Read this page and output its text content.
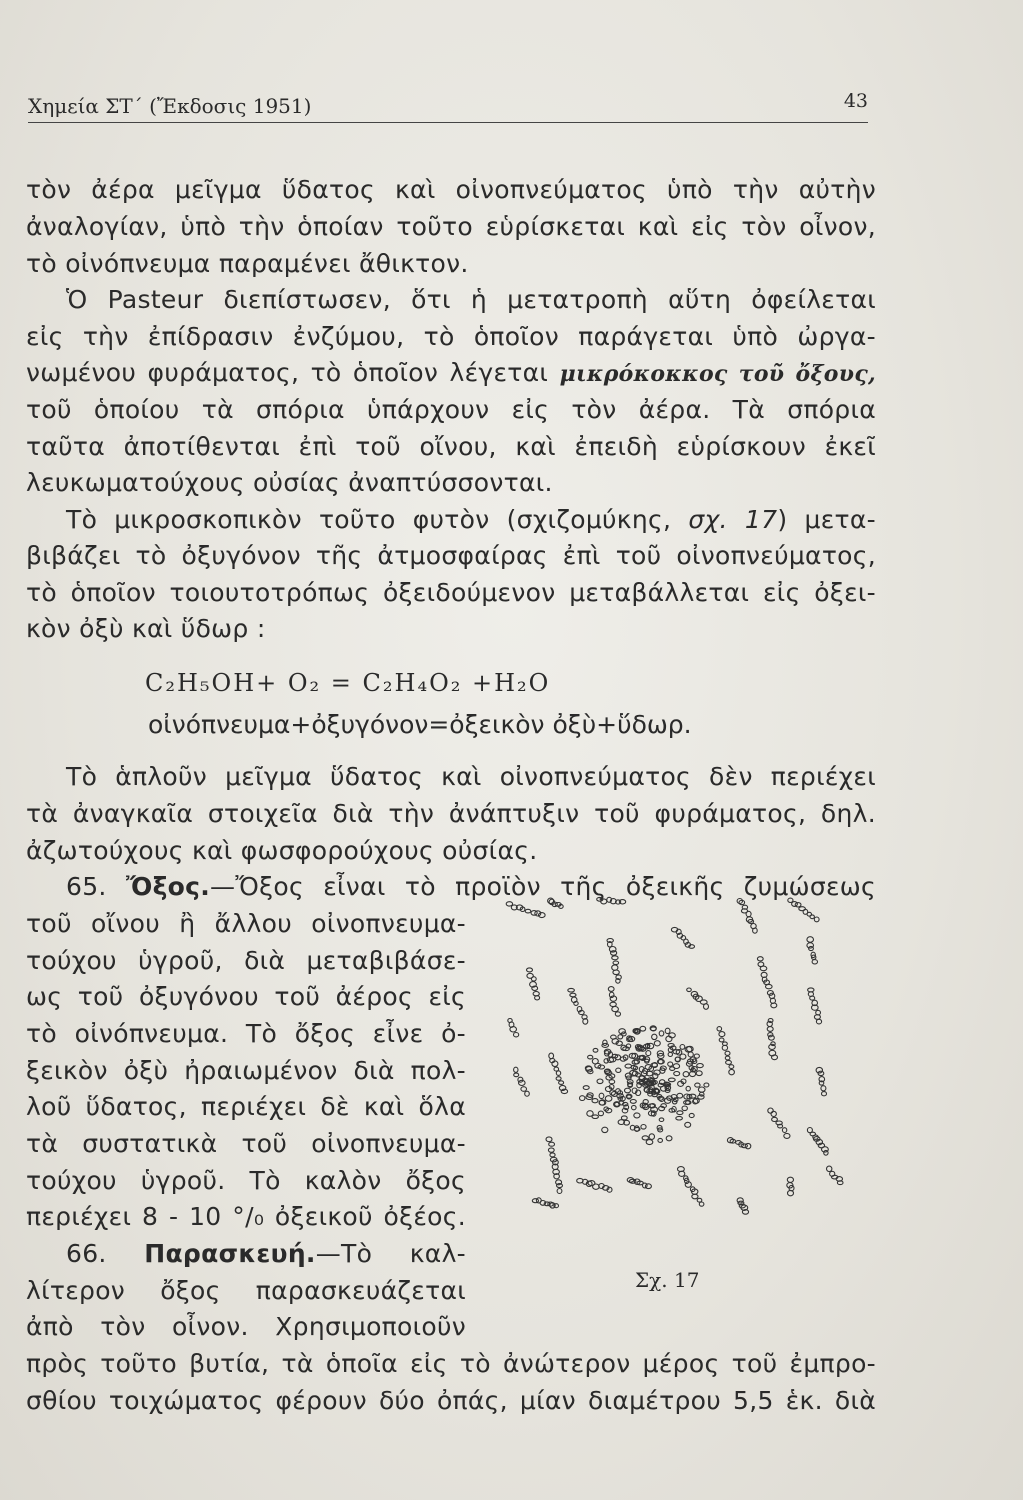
Χημεία ΣΤ΄ (Ἔκδοσις 1951)	43
τὸν ἀέρα μεῖγμα ὕδατος καὶ οἰνοπνεύματος ὑπὸ τὴν αὐτὴν
ἀναλογίαν, ὑπὸ τὴν ὁποίαν τοῦτο εὑρίσκεται καὶ εἰς τὸν οἶνον,
τὸ οἰνόπνευμα παραμένει ἄθικτον.
Ὁ Pasteur διεπίστωσεν, ὅτι ἡ μετατροπὴ αὕτη ὀφείλεται
εἰς τὴν ἐπίδρασιν ἐνζύμου, τὸ ὁποῖον παράγεται ὑπὸ ὠργα-
νωμένου φυράματος, τὸ ὁποῖον λέγεται μικρόκοκκος τοῦ ὄξους,
τοῦ ὁποίου τὰ σπόρια ὑπάρχουν εἰς τὸν ἀέρα. Τὰ σπόρια
ταῦτα ἀποτίθενται ἐπὶ τοῦ οἴνου, καὶ ἐπειδὴ εὑρίσκουν ἐκεῖ
λευκωματούχους οὐσίας ἀναπτύσσονται.
Τὸ μικροσκοπικὸν τοῦτο φυτὸν (σχιζομύκης, σχ. 17) μετα-
βιβάζει τὸ ὀξυγόνον τῆς ἀτμοσφαίρας ἐπὶ τοῦ οἰνοπνεύματος,
τὸ ὁποῖον τοιουτοτρόπως ὀξειδούμενον μεταβάλλεται εἰς ὀξει-
κὸν ὀξὺ καὶ ὕδωρ :
C₂H₅OH+ O₂ = C₂H₄O₂ +H₂O
οἰνόπνευμα+ὀξυγόνον=ὀξεικὸν ὀξὺ+ὕδωρ.
Τὸ ἁπλοῦν μεῖγμα ὕδατος καὶ οἰνοπνεύματος δὲν περιέχει
τὰ ἀναγκαῖα στοιχεῖα διὰ τὴν ἀνάπτυξιν τοῦ φυράματος, δηλ.
ἀζωτούχους καὶ φωσφορούχους οὐσίας.
65. Ὄξος.—Ὄξος εἶναι τὸ προϊὸν τῆς ὀξεικῆς ζυμώσεως
τοῦ οἴνου ἢ ἄλλου οἰνοπνευμα-
τούχου ὑγροῦ, διὰ μεταβιβάσε-
ως τοῦ ὀξυγόνου τοῦ ἀέρος εἰς
τὸ οἰνόπνευμα. Τὸ ὄξος εἶνε ὀ-
ξεικὸν ὀξὺ ἠραιωμένον διὰ πολ-
λοῦ ὕδατος, περιέχει δὲ καὶ ὅλα
τὰ συστατικὰ τοῦ οἰνοπνευμα-
τούχου ὑγροῦ. Τὸ καλὸν ὄξος
περιέχει 8 - 10 °/₀ ὀξεικοῦ ὀξέος.
66. Παρασκευή.—Τὸ καλ-
λίτερον ὄξος παρασκευάζεται
ἀπὸ τὸν οἶνον. Χρησιμοποιοῦν
πρὸς τοῦτο βυτία, τὰ ὁποῖα εἰς τὸ ἀνώτερον μέρος τοῦ ἐμπρο-
σθίου τοιχώματος φέρουν δύο ὀπάς, μίαν διαμέτρου 5,5 ἑκ. διὰ
Σχ. 17
